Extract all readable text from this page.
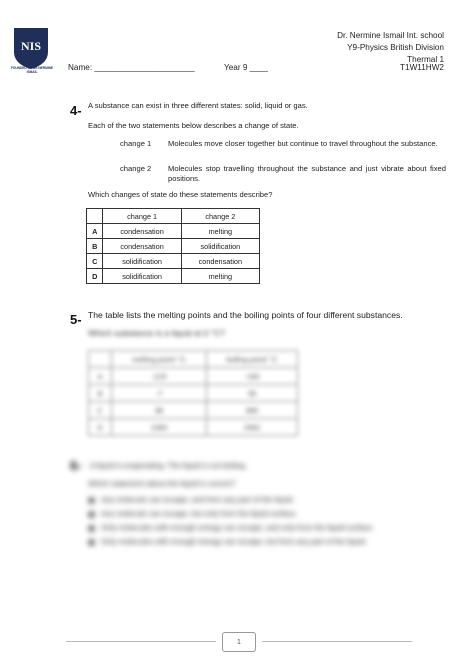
NIS
FOUNDED BY DR.NERMINE ISMAIL
Dr. Nermine Ismail Int. school
Y9-Physics British Division
Thermal 1
Name: ______________________	Year 9 ____	T1W11HW2
4- A substance can exist in three different states: solid, liquid or gas.
Each of the two statements below describes a change of state.
change 1 Molecules move closer together but continue to travel throughout the substance.
change 2 Molecules stop travelling throughout the substance and just vibrate about fixed positions.
Which changes of state do these statements describe?
	change 1	change 2
A	condensation	melting
B	condensation	solidification
C	solidification	condensation
D	solidification	melting
5- The table lists the melting points and the boiling points of four different substances.
Which substance is a liquid at 0 °C?
	melting point/ °C	boiling point/ °C
A	-219	-183
B	-7	58
C	98	890
D	1083	2582
6- A liquid is evaporating. The liquid is not boiling.
Which statement about the liquid is correct?
Any molecule can escape, and from any part of the liquid.
Any molecule can escape, but only from the liquid surface.
Only molecules with enough energy can escape, and only from the liquid surface.
Only molecules with enough energy can escape, but from any part of the liquid.
1
